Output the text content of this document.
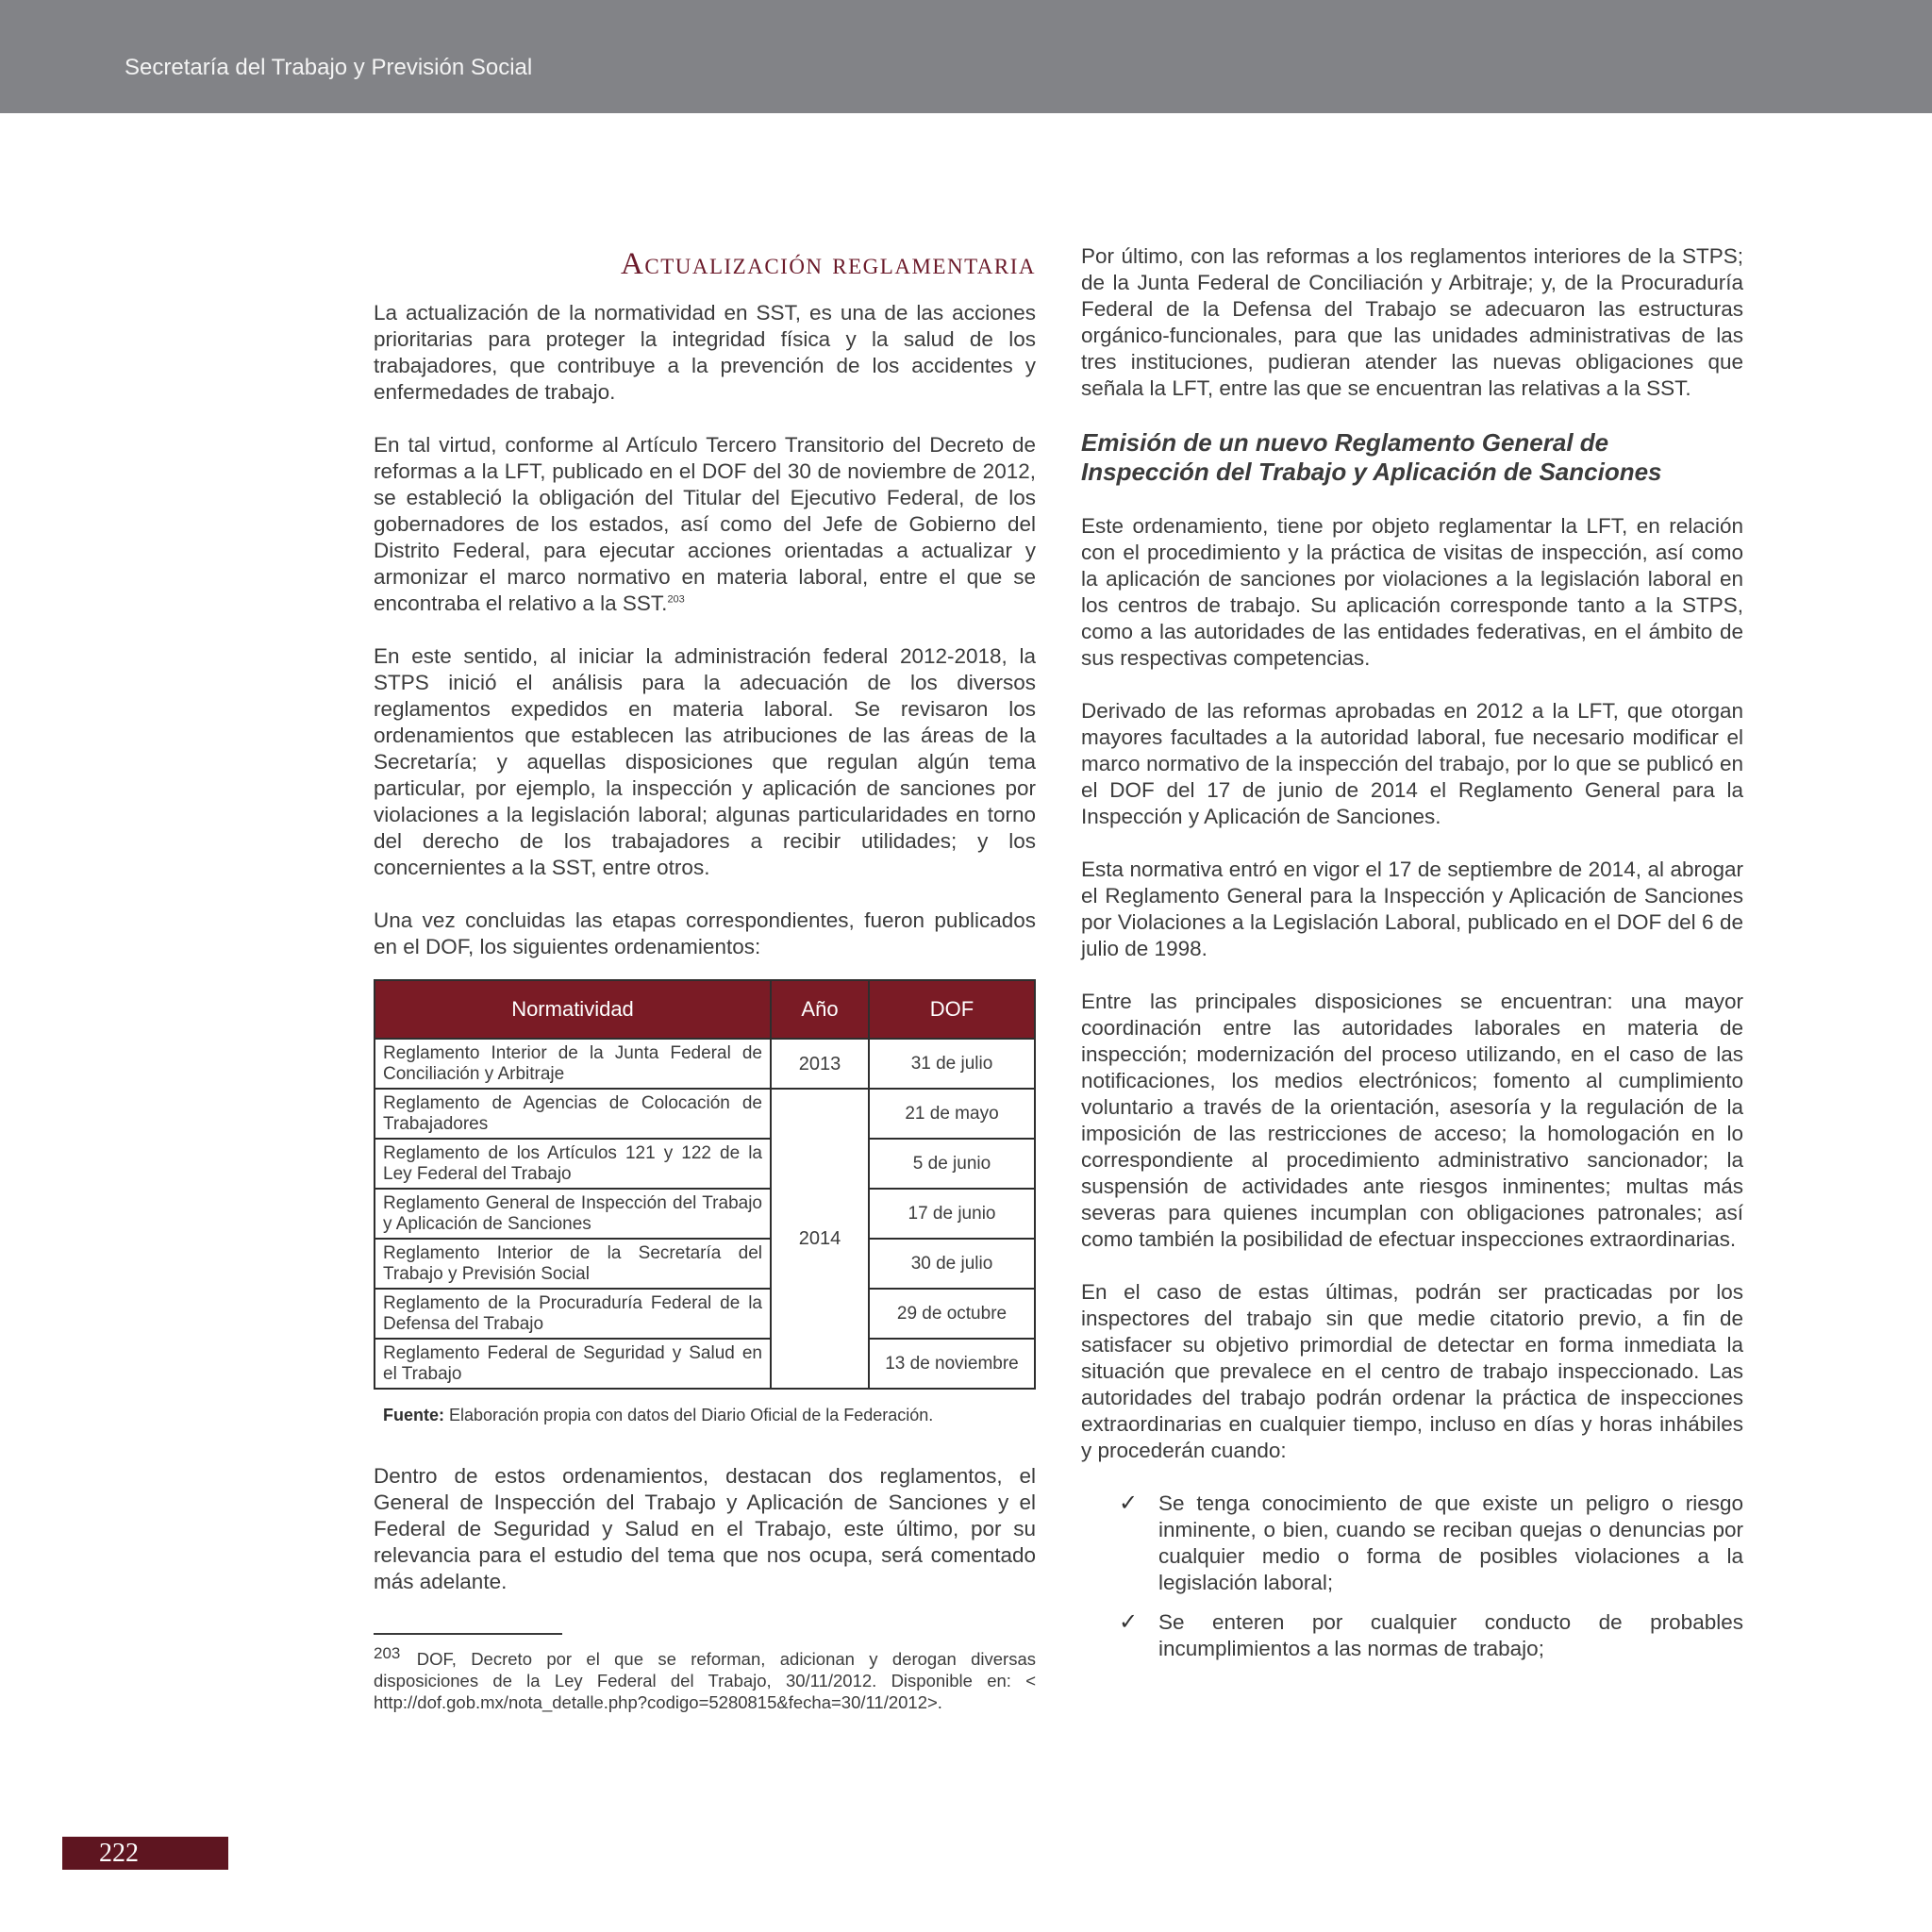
Secretaría del Trabajo y Previsión Social
Actualización reglamentaria

La actualización de la normatividad en SST, es una de las acciones prioritarias para proteger la integridad física y la salud de los trabajadores, que contribuye a la prevención de los accidentes y enfermedades de trabajo.

En tal virtud, conforme al Artículo Tercero Transitorio del Decreto de reformas a la LFT, publicado en el DOF del 30 de noviembre de 2012, se estableció la obligación del Titular del Ejecutivo Federal, de los gobernadores de los estados, así como del Jefe de Gobierno del Distrito Federal, para ejecutar acciones orientadas a actualizar y armonizar el marco normativo en materia laboral, entre el que se encontraba el relativo a la SST.$^{203}$

En este sentido, al iniciar la administración federal 2012-2018, la STPS inició el análisis para la adecuación de los diversos reglamentos expedidos en materia laboral. Se revisaron los ordenamientos que establecen las atribuciones de las áreas de la Secretaría; y aquellas disposiciones que regulan algún tema particular, por ejemplo, la inspección y aplicación de sanciones por violaciones a la legislación laboral; algunas particularidades en torno del derecho de los trabajadores a recibir utilidades; y los concernientes a la SST, entre otros.

Una vez concluidas las etapas correspondientes, fueron publicados en el DOF, los siguientes ordenamientos:

Normatividad	Año	DOF
Reglamento Interior de la Junta Federal de Conciliación y Arbitraje	2013	31 de julio
Reglamento de Agencias de Colocación de Trabajadores	2014	21 de mayo
Reglamento de los Artículos 121 y 122 de la Ley Federal del Trabajo		5 de junio
Reglamento General de Inspección del Trabajo y Aplicación de Sanciones		17 de junio
Reglamento Interior de la Secretaría del Trabajo y Previsión Social		30 de julio
Reglamento de la Procuraduría Federal de la Defensa del Trabajo		29 de octubre
Reglamento Federal de Seguridad y Salud en el Trabajo		13 de noviembre
Fuente: Elaboración propia con datos del Diario Oficial de la Federación.

Dentro de estos ordenamientos, destacan dos reglamentos, el General de Inspección del Trabajo y Aplicación de Sanciones y el Federal de Seguridad y Salud en el Trabajo, este último, por su relevancia para el estudio del tema que nos ocupa, será comentado más adelante.

203 DOF, Decreto por el que se reforman, adicionan y derogan diversas disposiciones de la Ley Federal del Trabajo, 30/11/2012. Disponible en: < http://dof.gob.mx/nota_detalle.php?codigo=5280815&fecha=30/11/2012>.

Por último, con las reformas a los reglamentos interiores de la STPS; de la Junta Federal de Conciliación y Arbitraje; y, de la Procuraduría Federal de la Defensa del Trabajo se adecuaron las estructuras orgánico-funcionales, para que las unidades administrativas de las tres instituciones, pudieran atender las nuevas obligaciones que señala la LFT, entre las que se encuentran las relativas a la SST.

Emisión de un nuevo Reglamento General de Inspección del Trabajo y Aplicación de Sanciones

Este ordenamiento, tiene por objeto reglamentar la LFT, en relación con el procedimiento y la práctica de visitas de inspección, así como la aplicación de sanciones por violaciones a la legislación laboral en los centros de trabajo. Su aplicación corresponde tanto a la STPS, como a las autoridades de las entidades federativas, en el ámbito de sus respectivas competencias.

Derivado de las reformas aprobadas en 2012 a la LFT, que otorgan mayores facultades a la autoridad laboral, fue necesario modificar el marco normativo de la inspección del trabajo, por lo que se publicó en el DOF del 17 de junio de 2014 el Reglamento General para la Inspección y Aplicación de Sanciones.

Esta normativa entró en vigor el 17 de septiembre de 2014, al abrogar el Reglamento General para la Inspección y Aplicación de Sanciones por Violaciones a la Legislación Laboral, publicado en el DOF del 6 de julio de 1998.

Entre las principales disposiciones se encuentran: una mayor coordinación entre las autoridades laborales en materia de inspección; modernización del proceso utilizando, en el caso de las notificaciones, los medios electrónicos; fomento al cumplimiento voluntario a través de la orientación, asesoría y la regulación de la imposición de las restricciones de acceso; la homologación en lo correspondiente al procedimiento administrativo sancionador; la suspensión de actividades ante riesgos inminentes; multas más severas para quienes incumplan con obligaciones patronales; así como también la posibilidad de efectuar inspecciones extraordinarias.

En el caso de estas últimas, podrán ser practicadas por los inspectores del trabajo sin que medie citatorio previo, a fin de satisfacer su objetivo primordial de detectar en forma inmediata la situación que prevalece en el centro de trabajo inspeccionado. Las autoridades del trabajo podrán ordenar la práctica de inspecciones extraordinarias en cualquier tiempo, incluso en días y horas inhábiles y procederán cuando:

✓ Se tenga conocimiento de que existe un peligro o riesgo inminente, o bien, cuando se reciban quejas o denuncias por cualquier medio o forma de posibles violaciones a la legislación laboral;
✓ Se enteren por cualquier conducto de probables incumplimientos a las normas de trabajo;
222
